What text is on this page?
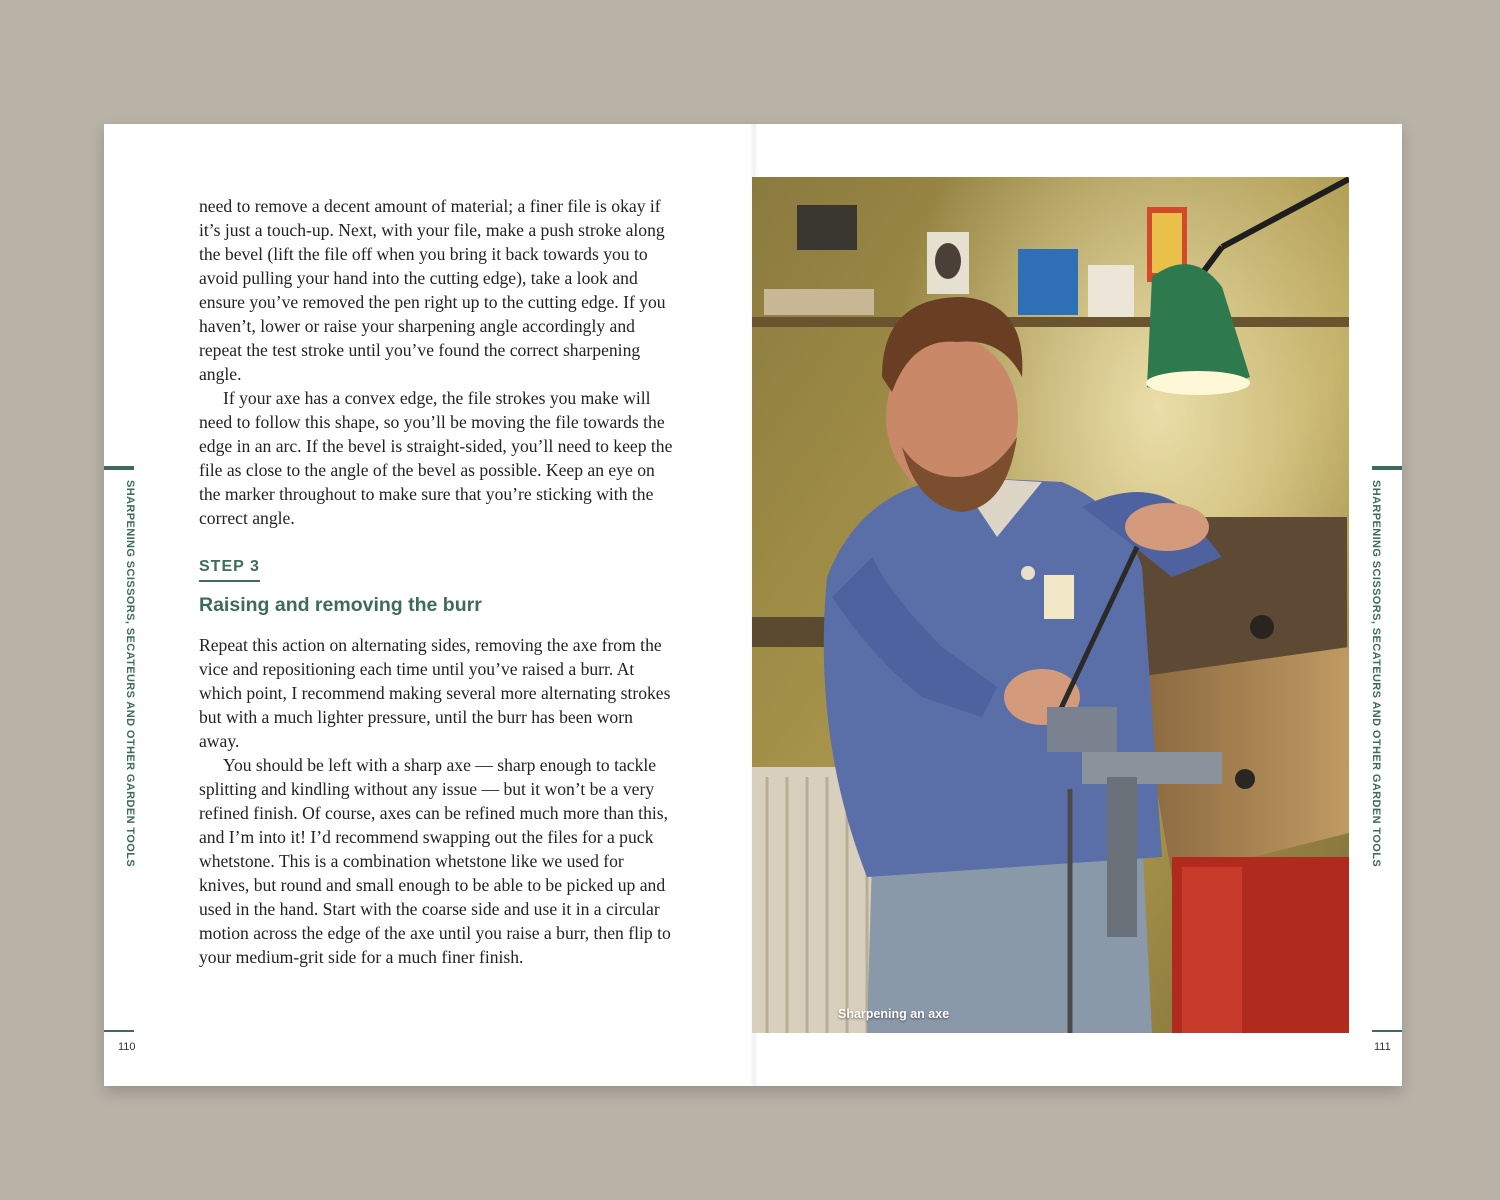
need to remove a decent amount of material; a finer file is okay if it’s just a touch-up. Next, with your file, make a push stroke along the bevel (lift the file off when you bring it back towards you to avoid pulling your hand into the cutting edge), take a look and ensure you’ve removed the pen right up to the cutting edge. If you haven’t, lower or raise your sharpening angle accordingly and repeat the test stroke until you’ve found the correct sharpening angle.

If your axe has a convex edge, the file strokes you make will need to follow this shape, so you’ll be moving the file towards the edge in an arc. If the bevel is straight-sided, you’ll need to keep the file as close to the angle of the bevel as possible. Keep an eye on the marker throughout to make sure that you’re sticking with the correct angle.

STEP 3
Raising and removing the burr

Repeat this action on alternating sides, removing the axe from the vice and repositioning each time until you’ve raised a burr. At which point, I recommend making several more alternating strokes but with a much lighter pressure, until the burr has been worn away.

You should be left with a sharp axe — sharp enough to tackle splitting and kindling without any issue — but it won’t be a very refined finish. Of course, axes can be refined much more than this, and I’m into it! I’d recommend swapping out the files for a puck whetstone. This is a combination whetstone like we used for knives, but round and small enough to be able to be picked up and used in the hand. Start with the coarse side and use it in a circular motion across the edge of the axe until you raise a burr, then flip to your medium-grit side for a much finer finish.

SHARPENING SCISSORS, SECATEURS AND OTHER GARDEN TOOLS
110
Sharpening an axe
SHARPENING SCISSORS, SECATEURS AND OTHER GARDEN TOOLS
111
